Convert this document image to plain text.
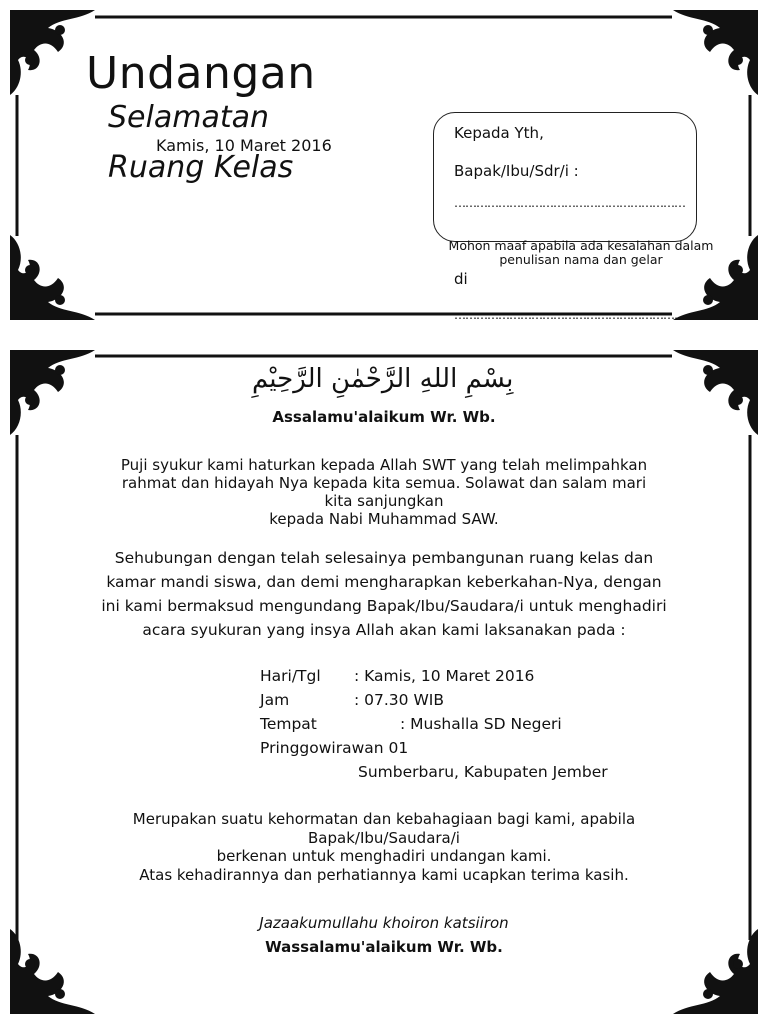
Undangan
Selamatan
Kamis, 10 Maret 2016
Ruang Kelas
Kepada Yth,
Bapak/Ibu/Sdr/i :
………………………………………………………
Mohon maaf apabila ada kesalahan dalam
penulisan nama dan gelar
di
………………………………………………………
بِسْمِ اللهِ الرَّحْمٰنِ الرَّحِيْمِ
Assalamu'alaikum Wr. Wb.
Puji syukur kami haturkan kepada Allah SWT yang telah melimpahkan
rahmat dan hidayah Nya kepada kita semua. Solawat dan salam mari
kita sanjungkan
kepada Nabi Muhammad SAW.
Sehubungan dengan telah selesainya pembangunan ruang kelas dan
kamar mandi siswa, dan demi mengharapkan keberkahan-Nya, dengan
ini kami bermaksud mengundang Bapak/Ibu/Saudara/i untuk menghadiri
acara syukuran yang insya Allah akan kami laksanakan pada :
Hari/Tgl : Kamis, 10 Maret 2016
Jam	: 07.30 WIB
Tempat	: Mushalla SD Negeri
Pringgowirawan 01
Sumberbaru, Kabupaten Jember
Merupakan suatu kehormatan dan kebahagiaan bagi kami, apabila
Bapak/Ibu/Saudara/i
berkenan untuk menghadiri undangan kami.
Atas kehadirannya dan perhatiannya kami ucapkan terima kasih.
Jazaakumullahu khoiron katsiiron
Wassalamu'alaikum Wr. Wb.
